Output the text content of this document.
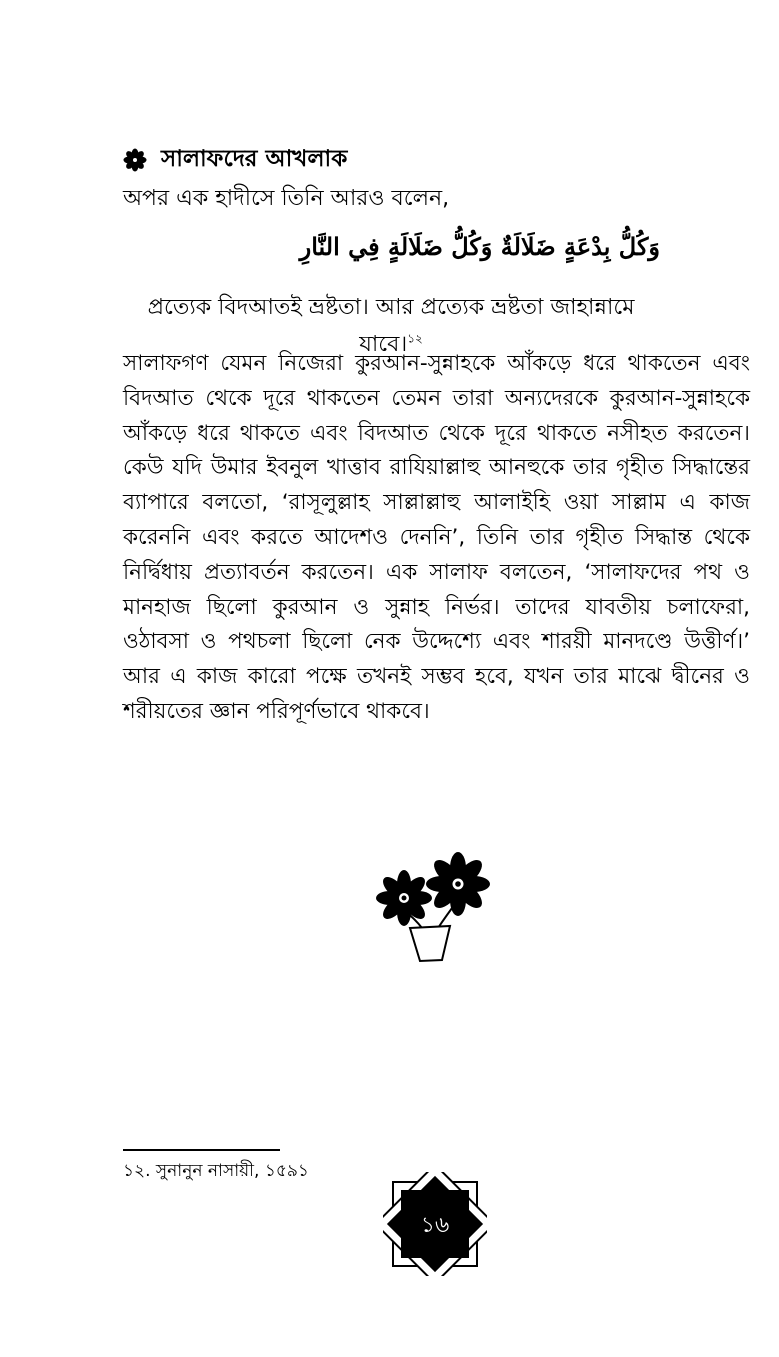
সালাফদের আখলাক
অপর এক হাদীসে তিনি আরও বলেন,
وَكُلُّ بِدْعَةٍ ضَلَالَةٌ وَكُلُّ ضَلَالَةٍ فِي النَّارِ
প্রত্যেক বিদআতই ভ্রষ্টতা। আর প্রত্যেক ভ্রষ্টতা জাহান্নামে যাবে।$^{১২}$
সালাফগণ যেমন নিজেরা কুরআন-সুন্নাহকে আঁকড়ে ধরে থাকতেন এবং বিদআত থেকে দূরে থাকতেন তেমন তারা অন্যদেরকে কুরআন-সুন্নাহকে আঁকড়ে ধরে থাকতে এবং বিদআত থেকে দূরে থাকতে নসীহত করতেন। কেউ যদি উমার ইবনুল খাত্তাব রাযিয়াল্লাহু আনহুকে তার গৃহীত সিদ্ধান্তের ব্যাপারে বলতো, ‘রাসূলুল্লাহ সাল্লাল্লাহু আলাইহি ওয়া সাল্লাম এ কাজ করেননি এবং করতে আদেশও দেননি’, তিনি তার গৃহীত সিদ্ধান্ত থেকে নির্দ্বিধায় প্রত্যাবর্তন করতেন। এক সালাফ বলতেন, ‘সালাফদের পথ ও মানহাজ ছিলো কুরআন ও সুন্নাহ নির্ভর। তাদের যাবতীয় চলাফেরা, ওঠাবসা ও পথচলা ছিলো নেক উদ্দেশ্যে এবং শারয়ী মানদণ্ডে উত্তীর্ণ।’ আর এ কাজ কারো পক্ষে তখনই সম্ভব হবে, যখন তার মাঝে দ্বীনের ও শরীয়তের জ্ঞান পরিপূর্ণভাবে থাকবে।
১২. সুনানুন নাসায়ী, ১৫৯১
১৬
